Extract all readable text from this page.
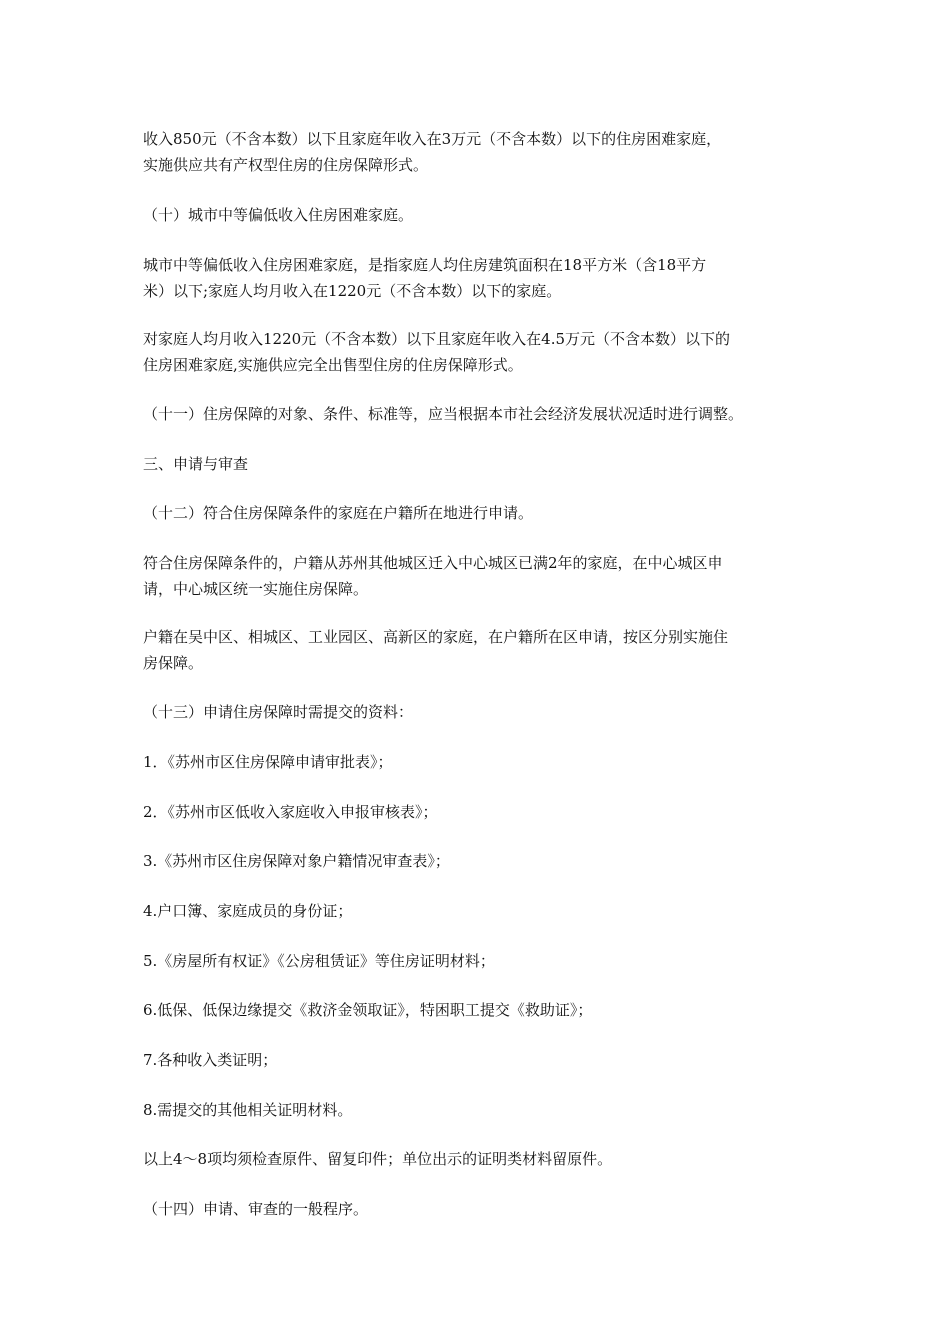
收入850元（不含本数）以下且家庭年收入在3万元（不含本数）以下的住房困难家庭，
实施供应共有产权型住房的住房保障形式。

（十）城市中等偏低收入住房困难家庭。

城市中等偏低收入住房困难家庭，是指家庭人均住房建筑面积在18平方米（含18平方
米）以下;家庭人均月收入在1220元（不含本数）以下的家庭。

对家庭人均月收入1220元（不含本数）以下且家庭年收入在4.5万元（不含本数）以下的
住房困难家庭,实施供应完全出售型住房的住房保障形式。

（十一）住房保障的对象、条件、标准等，应当根据本市社会经济发展状况适时进行调整。

三、申请与审查

（十二）符合住房保障条件的家庭在户籍所在地进行申请。

符合住房保障条件的，户籍从苏州其他城区迁入中心城区已满2年的家庭，在中心城区申
请，中心城区统一实施住房保障。

户籍在吴中区、相城区、工业园区、高新区的家庭，在户籍所在区申请，按区分别实施住
房保障。

（十三）申请住房保障时需提交的资料：

1．《苏州市区住房保障申请审批表》；

2．《苏州市区低收入家庭收入申报审核表》；

3.《苏州市区住房保障对象户籍情况审查表》；

4.户口簿、家庭成员的身份证；

5.《房屋所有权证》《公房租赁证》等住房证明材料；

6.低保、低保边缘提交《救济金领取证》，特困职工提交《救助证》；

7.各种收入类证明；

8.需提交的其他相关证明材料。

以上4～8项均须检查原件、留复印件；单位出示的证明类材料留原件。

（十四）申请、审查的一般程序。
